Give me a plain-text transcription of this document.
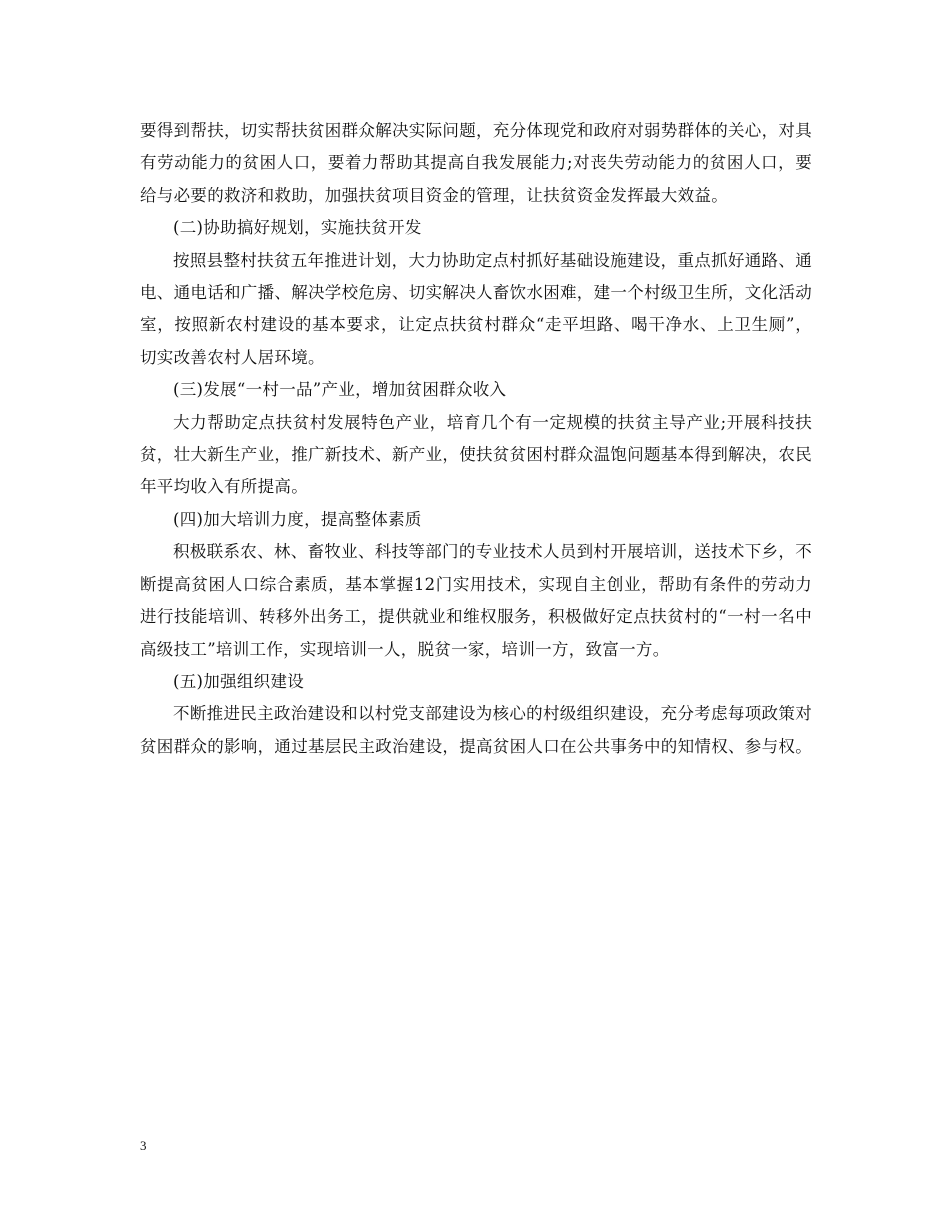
要得到帮扶，切实帮扶贫困群众解决实际问题，充分体现党和政府对弱势群体的关心，对具有劳动能力的贫困人口，要着力帮助其提高自我发展能力;对丧失劳动能力的贫困人口，要给与必要的救济和救助，加强扶贫项目资金的管理，让扶贫资金发挥最大效益。

(二)协助搞好规划，实施扶贫开发

按照县整村扶贫五年推进计划，大力协助定点村抓好基础设施建设，重点抓好通路、通电、通电话和广播、解决学校危房、切实解决人畜饮水困难，建一个村级卫生所，文化活动室，按照新农村建设的基本要求，让定点扶贫村群众“走平坦路、喝干净水、上卫生厕”，切实改善农村人居环境。

(三)发展“一村一品”产业，增加贫困群众收入

大力帮助定点扶贫村发展特色产业，培育几个有一定规模的扶贫主导产业;开展科技扶贫，壮大新生产业，推广新技术、新产业，使扶贫贫困村群众温饱问题基本得到解决，农民年平均收入有所提高。

(四)加大培训力度，提高整体素质

积极联系农、林、畜牧业、科技等部门的专业技术人员到村开展培训，送技术下乡，不断提高贫困人口综合素质，基本掌握12门实用技术，实现自主创业，帮助有条件的劳动力进行技能培训、转移外出务工，提供就业和维权服务，积极做好定点扶贫村的“一村一名中高级技工”培训工作，实现培训一人，脱贫一家，培训一方，致富一方。

(五)加强组织建设

不断推进民主政治建设和以村党支部建设为核心的村级组织建设，充分考虑每项政策对贫困群众的影响，通过基层民主政治建设，提高贫困人口在公共事务中的知情权、参与权。

3
